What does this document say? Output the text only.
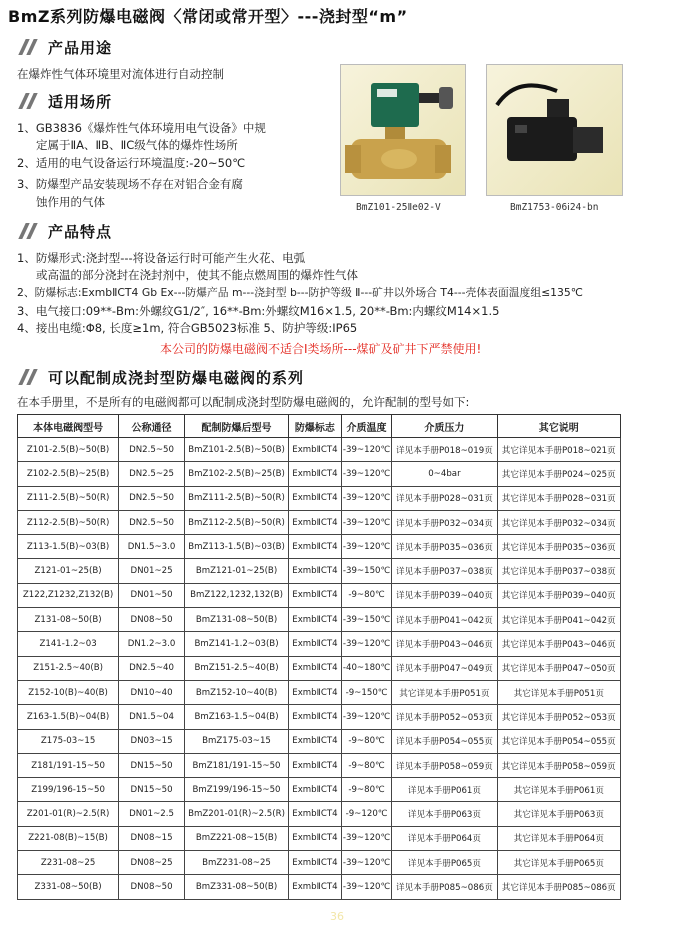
BmZ系列防爆电磁阀〈常闭或常开型〉---浇封型“m”
产品用途
在爆炸性气体环境里对流体进行自动控制
适用场所
1、GB3836《爆炸性气体环境用电气设备》中规
定属于ⅡA、ⅡB、ⅡC级气体的爆炸性场所
2、适用的电气设备运行环境温度:-20~50℃
3、防爆型产品安装现场不存在对铝合金有腐
蚀作用的气体	BmZ101-25Ⅱe02-V	BmZ1753-06ⅰ24-bn
产品特点
1、防爆形式:浇封型---将设备运行时可能产生火花、电弧
或高温的部分浇封在浇封剂中，使其不能点燃周围的爆炸性气体
2、防爆标志:ExmbⅡCT4 Gb Ex---防爆产品 m---浇封型 b---防护等级 Ⅱ---矿井以外场合 T4---壳体表面温度组≤135℃
3、电气接口:09**-Bm:外螺纹G1/2″, 16**-Bm:外螺纹M16×1.5, 20**-Bm:内螺纹M14×1.5
4、接出电缆:Φ8, 长度≥1m, 符合GB5023标准 5、防护等级:IP65
本公司的防爆电磁阀不适合Ⅰ类场所---煤矿及矿井下严禁使用!
可以配制成浇封型防爆电磁阀的系列
在本手册里，不是所有的电磁阀都可以配制成浇封型防爆电磁阀的，允许配制的型号如下:
本体电磁阀型号	公称通径	配制防爆后型号	防爆标志	介质温度	介质压力	其它说明
Z101-2.5(B)~50(B)	DN2.5~50	BmZ101-2.5(B)~50(B)	ExmbⅡCT4	-39~120℃	详见本手册P018~019页	其它详见本手册P018~021页
Z102-2.5(B)~25(B)	DN2.5~25	BmZ102-2.5(B)~25(B)	ExmbⅡCT4	-39~120℃	0~4bar	其它详见本手册P024~025页
Z111-2.5(B)~50(R)	DN2.5~50	BmZ111-2.5(B)~50(R)	ExmbⅡCT4	-39~120℃	详见本手册P028~031页	其它详见本手册P028~031页
Z112-2.5(B)~50(R)	DN2.5~50	BmZ112-2.5(B)~50(R)	ExmbⅡCT4	-39~120℃	详见本手册P032~034页	其它详见本手册P032~034页
Z113-1.5(B)~03(B)	DN1.5~3.0	BmZ113-1.5(B)~03(B)	ExmbⅡCT4	-39~120℃	详见本手册P035~036页	其它详见本手册P035~036页
Z121-01~25(B)	DN01~25	BmZ121-01~25(B)	ExmbⅡCT4	-39~150℃	详见本手册P037~038页	其它详见本手册P037~038页
Z122,Z1232,Z132(B)	DN01~50	BmZ122,1232,132(B)	ExmbⅡCT4	-9~80℃	详见本手册P039~040页	其它详见本手册P039~040页
Z131-08~50(B)	DN08~50	BmZ131-08~50(B)	ExmbⅡCT4	-39~150℃	详见本手册P041~042页	其它详见本手册P041~042页
Z141-1.2~03	DN1.2~3.0	BmZ141-1.2~03(B)	ExmbⅡCT4	-39~120℃	详见本手册P043~046页	其它详见本手册P043~046页
Z151-2.5~40(B)	DN2.5~40	BmZ151-2.5~40(B)	ExmbⅡCT4	-40~180℃	详见本手册P047~049页	其它详见本手册P047~050页
Z152-10(B)~40(B)	DN10~40	BmZ152-10~40(B)	ExmbⅡCT4	-9~150℃	其它详见本手册P051页	其它详见本手册P051页
Z163-1.5(B)~04(B)	DN1.5~04	BmZ163-1.5~04(B)	ExmbⅡCT4	-39~120℃	详见本手册P052~053页	其它详见本手册P052~053页
Z175-03~15	DN03~15	BmZ175-03~15	ExmbⅡCT4	-9~80℃	详见本手册P054~055页	其它详见本手册P054~055页
Z181/191-15~50	DN15~50	BmZ181/191-15~50	ExmbⅡCT4	-9~80℃	详见本手册P058~059页	其它详见本手册P058~059页
Z199/196-15~50	DN15~50	BmZ199/196-15~50	ExmbⅡCT4	-9~80℃	详见本手册P061页	其它详见本手册P061页
Z201-01(R)~2.5(R)	DN01~2.5	BmZ201-01(R)~2.5(R)	ExmbⅡCT4	-9~120℃	详见本手册P063页	其它详见本手册P063页
Z221-08(B)~15(B)	DN08~15	BmZ221-08~15(B)	ExmbⅡCT4	-39~120℃	详见本手册P064页	其它详见本手册P064页
Z231-08~25	DN08~25	BmZ231-08~25	ExmbⅡCT4	-39~120℃	详见本手册P065页	其它详见本手册P065页
Z331-08~50(B)	DN08~50	BmZ331-08~50(B)	ExmbⅡCT4	-39~120℃	详见本手册P085~086页	其它详见本手册P085~086页

36
